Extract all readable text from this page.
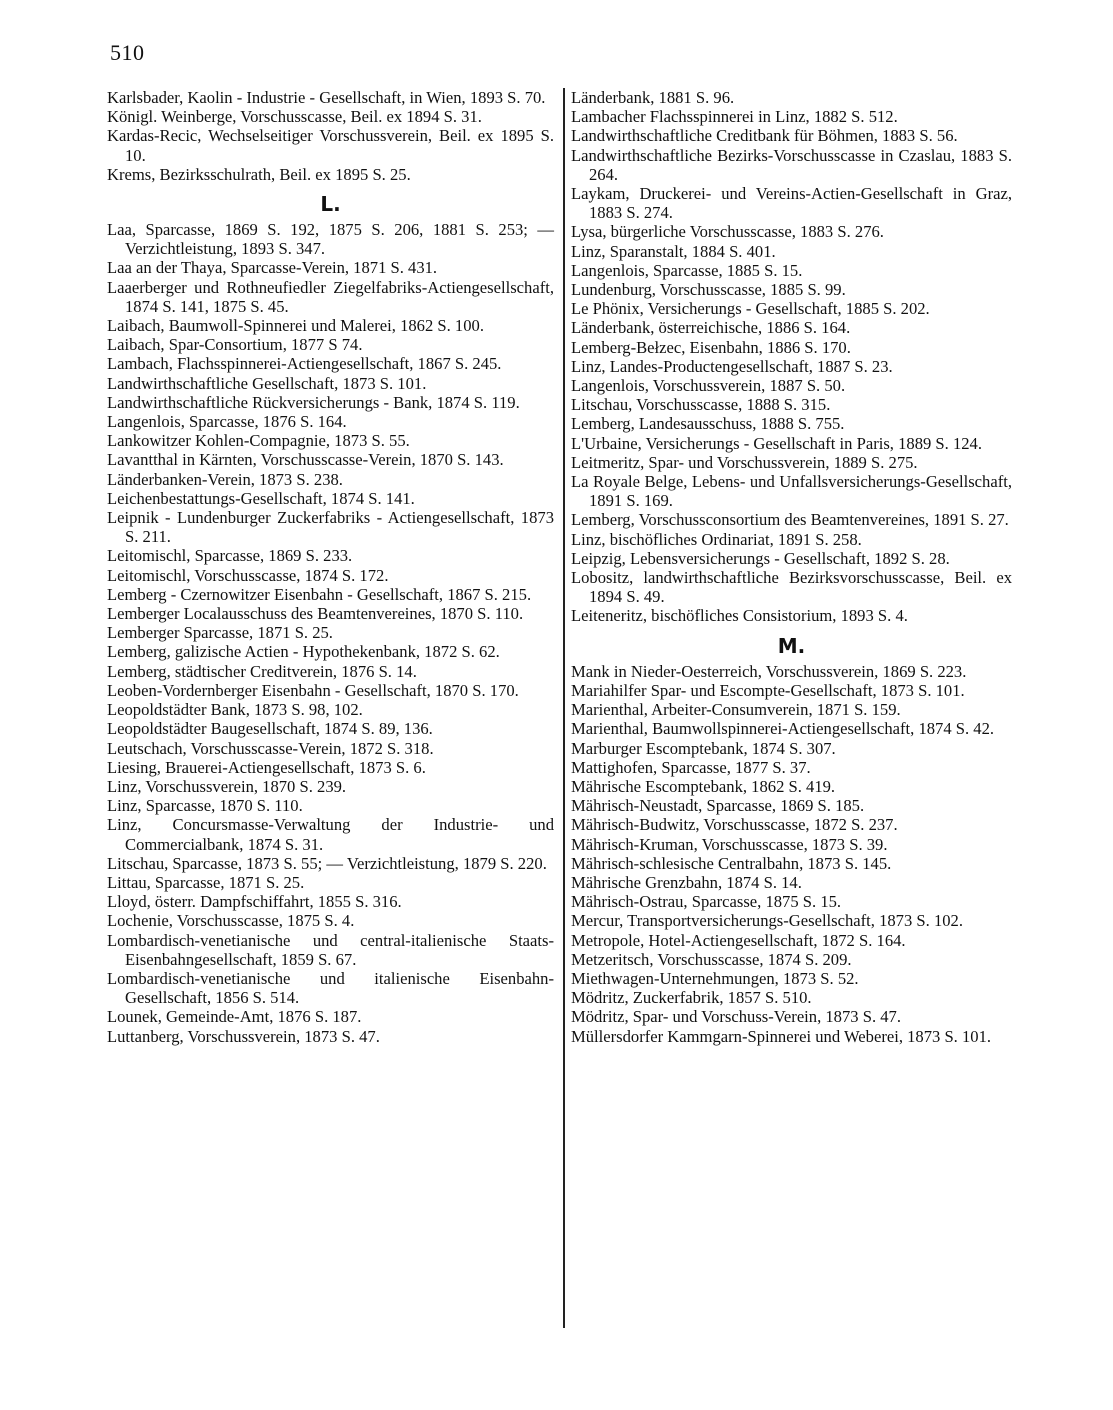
510

Karlsbader, Kaolin - Industrie - Gesellschaft, in Wien, 1893 S. 70.

Königl. Weinberge, Vorschusscasse, Beil. ex 1894 S. 31.

Kardas-Recic, Wechselseitiger Vorschussverein, Beil. ex 1895 S. 10.

Krems, Bezirksschulrath, Beil. ex 1895 S. 25.

L.

Laa, Sparcasse, 1869 S. 192, 1875 S. 206, 1881 S. 253; — Verzichtleistung, 1893 S. 347.

Laa an der Thaya, Sparcasse-Verein, 1871 S. 431.

Laaerberger und Rothneufiedler Ziegelfabriks-Actiengesellschaft, 1874 S. 141, 1875 S. 45.

Laibach, Baumwoll-Spinnerei und Malerei, 1862 S. 100.

Laibach, Spar-Consortium, 1877 S 74.

Lambach, Flachsspinnerei-Actiengesellschaft, 1867 S. 245.

Landwirthschaftliche Gesellschaft, 1873 S. 101.

Landwirthschaftliche Rückversicherungs - Bank, 1874 S. 119.

Langenlois, Sparcasse, 1876 S. 164.

Lankowitzer Kohlen-Compagnie, 1873 S. 55.

Lavantthal in Kärnten, Vorschusscasse-Verein, 1870 S. 143.

Länderbanken-Verein, 1873 S. 238.

Leichenbestattungs-Gesellschaft, 1874 S. 141.

Leipnik - Lundenburger Zuckerfabriks - Actiengesellschaft, 1873 S. 211.

Leitomischl, Sparcasse, 1869 S. 233.

Leitomischl, Vorschusscasse, 1874 S. 172.

Lemberg - Czernowitzer Eisenbahn - Gesellschaft, 1867 S. 215.

Lemberger Localausschuss des Beamtenvereines, 1870 S. 110.

Lemberger Sparcasse, 1871 S. 25.

Lemberg, galizische Actien - Hypothekenbank, 1872 S. 62.

Lemberg, städtischer Creditverein, 1876 S. 14.

Leoben-Vordernberger Eisenbahn - Gesellschaft, 1870 S. 170.

Leopoldstädter Bank, 1873 S. 98, 102.

Leopoldstädter Baugesellschaft, 1874 S. 89, 136.

Leutschach, Vorschusscasse-Verein, 1872 S. 318.

Liesing, Brauerei-Actiengesellschaft, 1873 S. 6.

Linz, Vorschussverein, 1870 S. 239.

Linz, Sparcasse, 1870 S. 110.

Linz, Concursmasse-Verwaltung der Industrie- und Commercialbank, 1874 S. 31.

Litschau, Sparcasse, 1873 S. 55; — Verzichtleistung, 1879 S. 220.

Littau, Sparcasse, 1871 S. 25.

Lloyd, österr. Dampfschiffahrt, 1855 S. 316.

Lochenie, Vorschusscasse, 1875 S. 4.

Lombardisch-venetianische und central-italienische Staats-Eisenbahngesellschaft, 1859 S. 67.

Lombardisch-venetianische und italienische Eisenbahn-Gesellschaft, 1856 S. 514.

Lounek, Gemeinde-Amt, 1876 S. 187.

Luttanberg, Vorschussverein, 1873 S. 47.

Länderbank, 1881 S. 96.

Lambacher Flachsspinnerei in Linz, 1882 S. 512.

Landwirthschaftliche Creditbank für Böhmen, 1883 S. 56.

Landwirthschaftliche Bezirks-Vorschusscasse in Czaslau, 1883 S. 264.

Laykam, Druckerei- und Vereins-Actien-Gesellschaft in Graz, 1883 S. 274.

Lysa, bürgerliche Vorschusscasse, 1883 S. 276.

Linz, Sparanstalt, 1884 S. 401.

Langenlois, Sparcasse, 1885 S. 15.

Lundenburg, Vorschusscasse, 1885 S. 99.

Le Phönix, Versicherungs - Gesellschaft, 1885 S. 202.

Länderbank, österreichische, 1886 S. 164.

Lemberg-Bełzec, Eisenbahn, 1886 S. 170.

Linz, Landes-Productengesellschaft, 1887 S. 23.

Langenlois, Vorschussverein, 1887 S. 50.

Litschau, Vorschusscasse, 1888 S. 315.

Lemberg, Landesausschuss, 1888 S. 755.

L'Urbaine, Versicherungs - Gesellschaft in Paris, 1889 S. 124.

Leitmeritz, Spar- und Vorschussverein, 1889 S. 275.

La Royale Belge, Lebens- und Unfallsversicherungs-Gesellschaft, 1891 S. 169.

Lemberg, Vorschussconsortium des Beamtenvereines, 1891 S. 27.

Linz, bischöfliches Ordinariat, 1891 S. 258.

Leipzig, Lebensversicherungs - Gesellschaft, 1892 S. 28.

Lobositz, landwirthschaftliche Bezirksvorschusscasse, Beil. ex 1894 S. 49.

Leiteneritz, bischöfliches Consistorium, 1893 S. 4.

M.

Mank in Nieder-Oesterreich, Vorschussverein, 1869 S. 223.

Mariahilfer Spar- und Escompte-Gesellschaft, 1873 S. 101.

Marienthal, Arbeiter-Consumverein, 1871 S. 159.

Marienthal, Baumwollspinnerei-Actiengesellschaft, 1874 S. 42.

Marburger Escomptebank, 1874 S. 307.

Mattighofen, Sparcasse, 1877 S. 37.

Mährische Escomptebank, 1862 S. 419.

Mährisch-Neustadt, Sparcasse, 1869 S. 185.

Mährisch-Budwitz, Vorschusscasse, 1872 S. 237.

Mährisch-Kruman, Vorschusscasse, 1873 S. 39.

Mährisch-schlesische Centralbahn, 1873 S. 145.

Mährische Grenzbahn, 1874 S. 14.

Mährisch-Ostrau, Sparcasse, 1875 S. 15.

Mercur, Transportversicherungs-Gesellschaft, 1873 S. 102.

Metropole, Hotel-Actiengesellschaft, 1872 S. 164.

Metzeritsch, Vorschusscasse, 1874 S. 209.

Miethwagen-Unternehmungen, 1873 S. 52.

Mödritz, Zuckerfabrik, 1857 S. 510.

Mödritz, Spar- und Vorschuss-Verein, 1873 S. 47.

Müllersdorfer Kammgarn-Spinnerei und Weberei, 1873 S. 101.
